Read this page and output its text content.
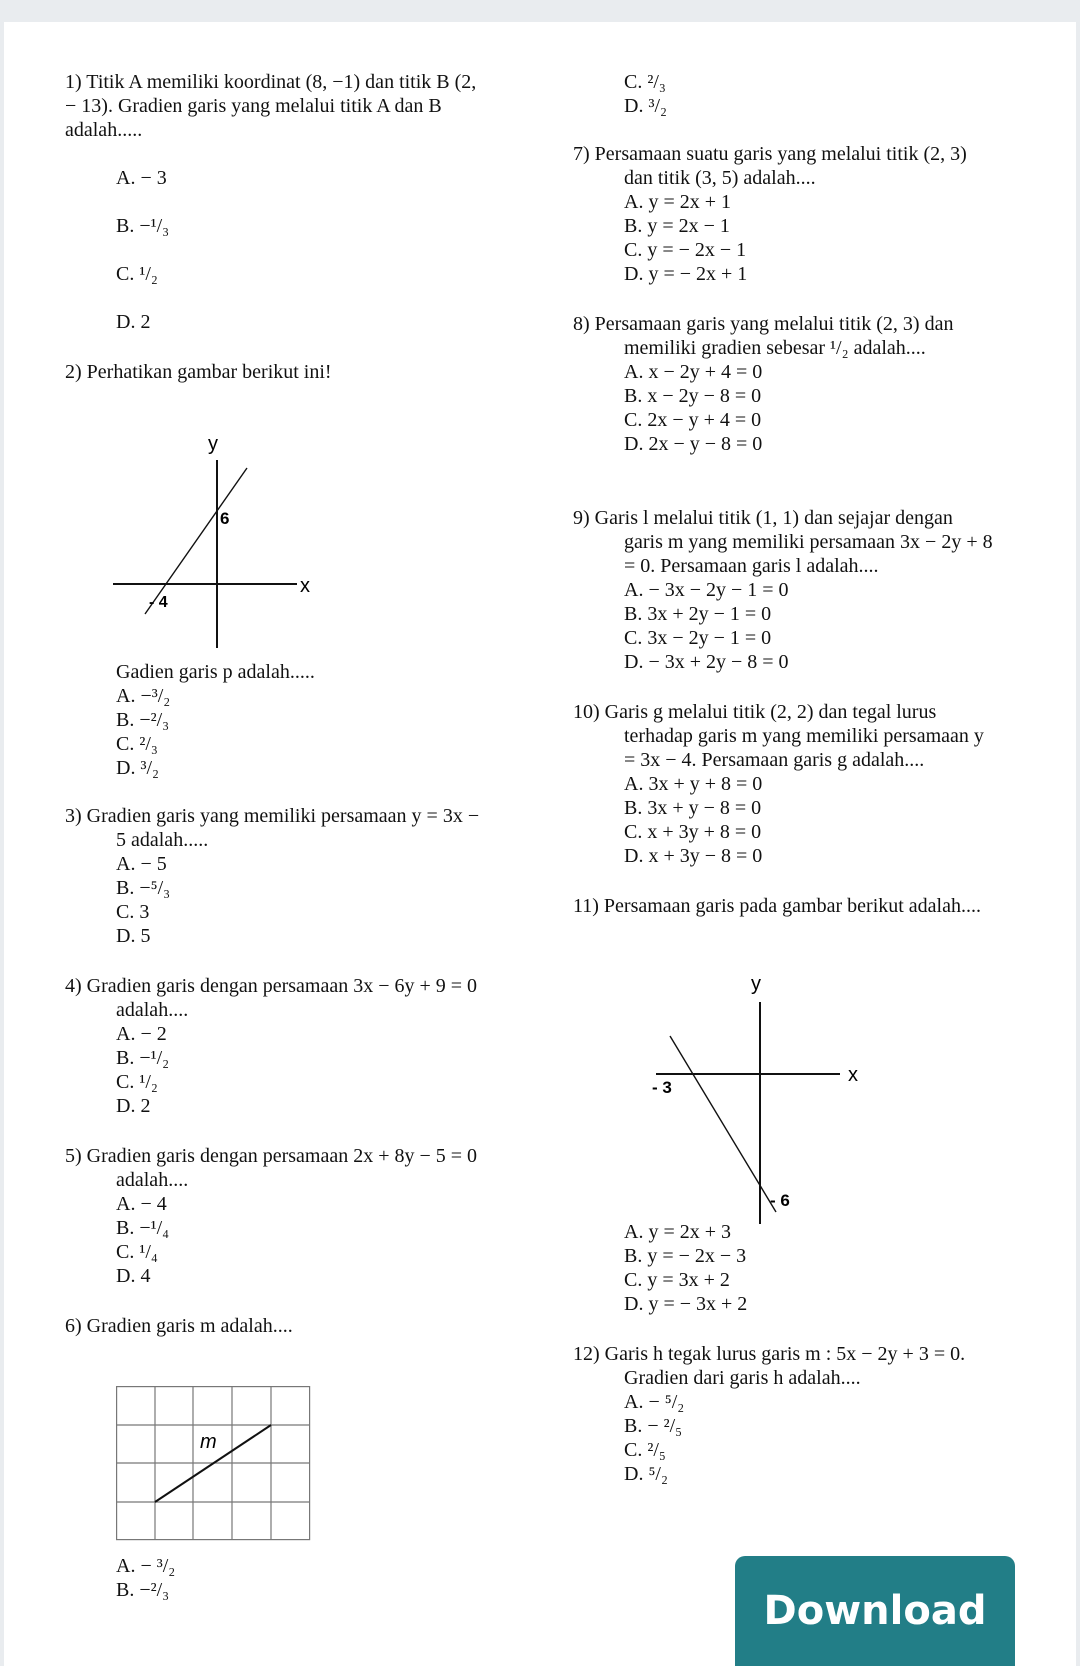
1) Titik A memiliki koordinat (8, −1) dan titik B (2,
− 13). Gradien garis yang melalui titik A dan B
adalah.....
A. − 3
B. −¹/₃
C. ¹/₂
D. 2
2) Perhatikan gambar berikut ini!
Gadien garis p adalah.....
A. −³/₂
B. −²/₃
C. ²/₃
D. ³/₂
3) Gradien garis yang memiliki persamaan y = 3x −
5 adalah.....
A. − 5
B. −⁵/₃
C. 3
D. 5
4) Gradien garis dengan persamaan 3x − 6y + 9 = 0
adalah....
A. − 2
B. −¹/₂
C. ¹/₂
D. 2
5) Gradien garis dengan persamaan 2x + 8y − 5 = 0
adalah....
A. − 4
B. −¹/₄
C. ¹/₄
D. 4
6) Gradien garis m adalah....
A. − ³/₂
B. −²/₃
C. ²/₃
D. ³/₂
7) Persamaan suatu garis yang melalui titik (2, 3)
dan titik (3, 5) adalah....
A. y = 2x + 1
B. y = 2x − 1
C. y = − 2x − 1
D. y = − 2x + 1
8) Persamaan garis yang melalui titik (2, 3) dan
memiliki gradien sebesar ¹/₂ adalah....
A. x − 2y + 4 = 0
B. x − 2y − 8 = 0
C. 2x − y + 4 = 0
D. 2x − y − 8 = 0
9) Garis l melalui titik (1, 1) dan sejajar dengan
garis m yang memiliki persamaan 3x − 2y + 8
= 0. Persamaan garis l adalah....
A. − 3x − 2y − 1 = 0
B. 3x + 2y − 1 = 0
C. 3x − 2y − 1 = 0
D. − 3x + 2y − 8 = 0
10) Garis g melalui titik (2, 2) dan tegal lurus
terhadap garis m yang memiliki persamaan y
= 3x − 4. Persamaan garis g adalah....
A. 3x + y + 8 = 0
B. 3x + y − 8 = 0
C. x + 3y + 8 = 0
D. x + 3y − 8 = 0
11) Persamaan garis pada gambar berikut adalah....
A. y = 2x + 3
B. y = − 2x − 3
C. y = 3x + 2
D. y = − 3x + 2
12) Garis h tegak lurus garis m : 5x − 2y + 3 = 0.
Gradien dari garis h adalah....
A. − ⁵/₂
B. − ²/₅
C. ²/₅
D. ⁵/₂
y
x
6
- 4
m
y
x
- 3
- 6
Download
